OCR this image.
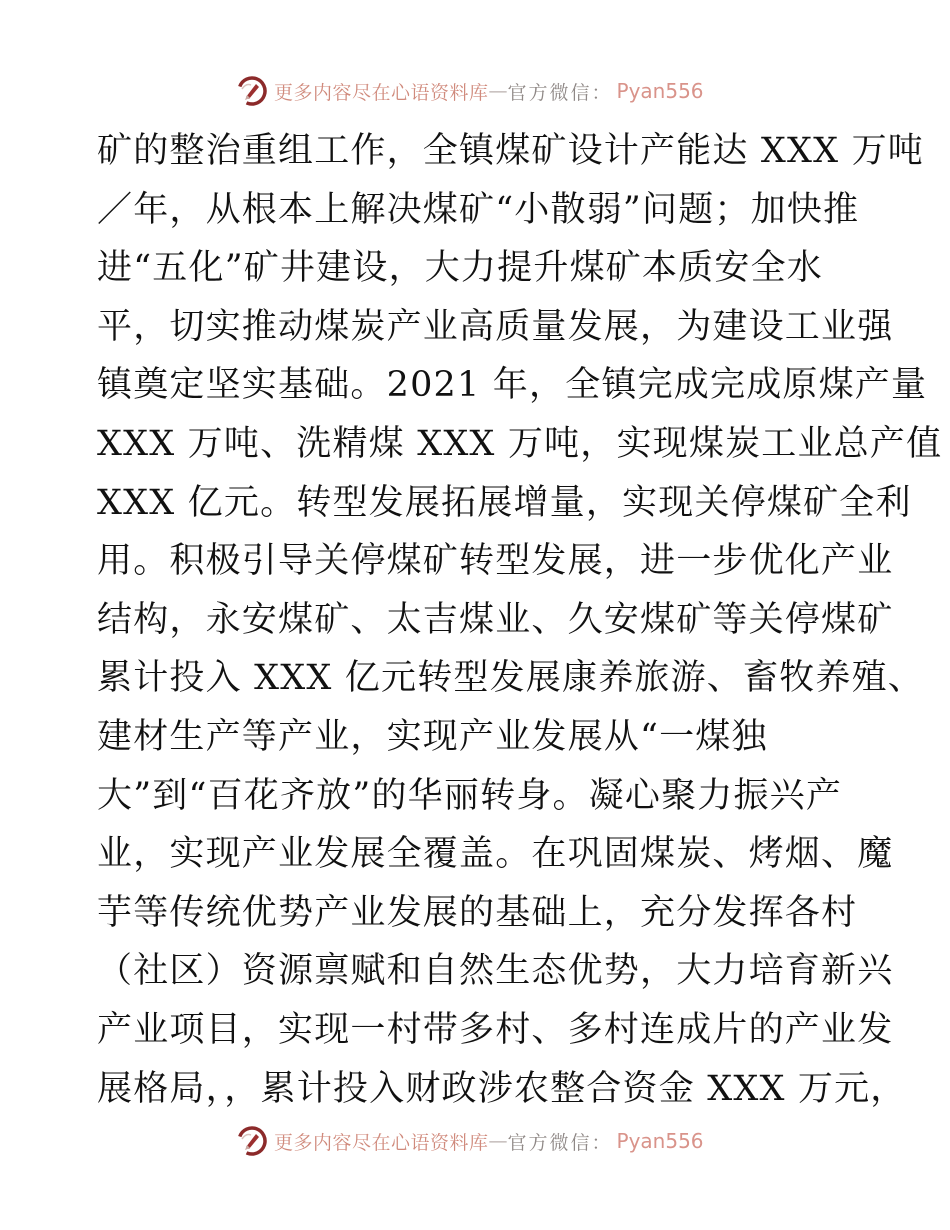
更多内容尽在心语资料库 — 官方微信： Pyan556
矿的整治重组工作，全镇煤矿设计产能达 XXX 万吨
／年，从根本上解决煤矿“小散弱”问题；加快推
进“五化”矿井建设，大力提升煤矿本质安全水
平，切实推动煤炭产业高质量发展，为建设工业强
镇奠定坚实基础。2021 年，全镇完成完成原煤产量
XXX 万吨、洗精煤 XXX 万吨，实现煤炭工业总产值
XXX 亿元。转型发展拓展增量，实现关停煤矿全利
用。积极引导关停煤矿转型发展，进一步优化产业
结构，永安煤矿、太吉煤业、久安煤矿等关停煤矿
累计投入 XXX 亿元转型发展康养旅游、畜牧养殖、
建材生产等产业，实现产业发展从“一煤独
大”到“百花齐放”的华丽转身。凝心聚力振兴产
业，实现产业发展全覆盖。在巩固煤炭、烤烟、魔
芋等传统优势产业发展的基础上，充分发挥各村
（社区）资源禀赋和自然生态优势，大力培育新兴
产业项目，实现一村带多村、多村连成片的产业发
展格局，，累计投入财政涉农整合资金 XXX 万元，
更多内容尽在心语资料库 — 官方微信： Pyan556
